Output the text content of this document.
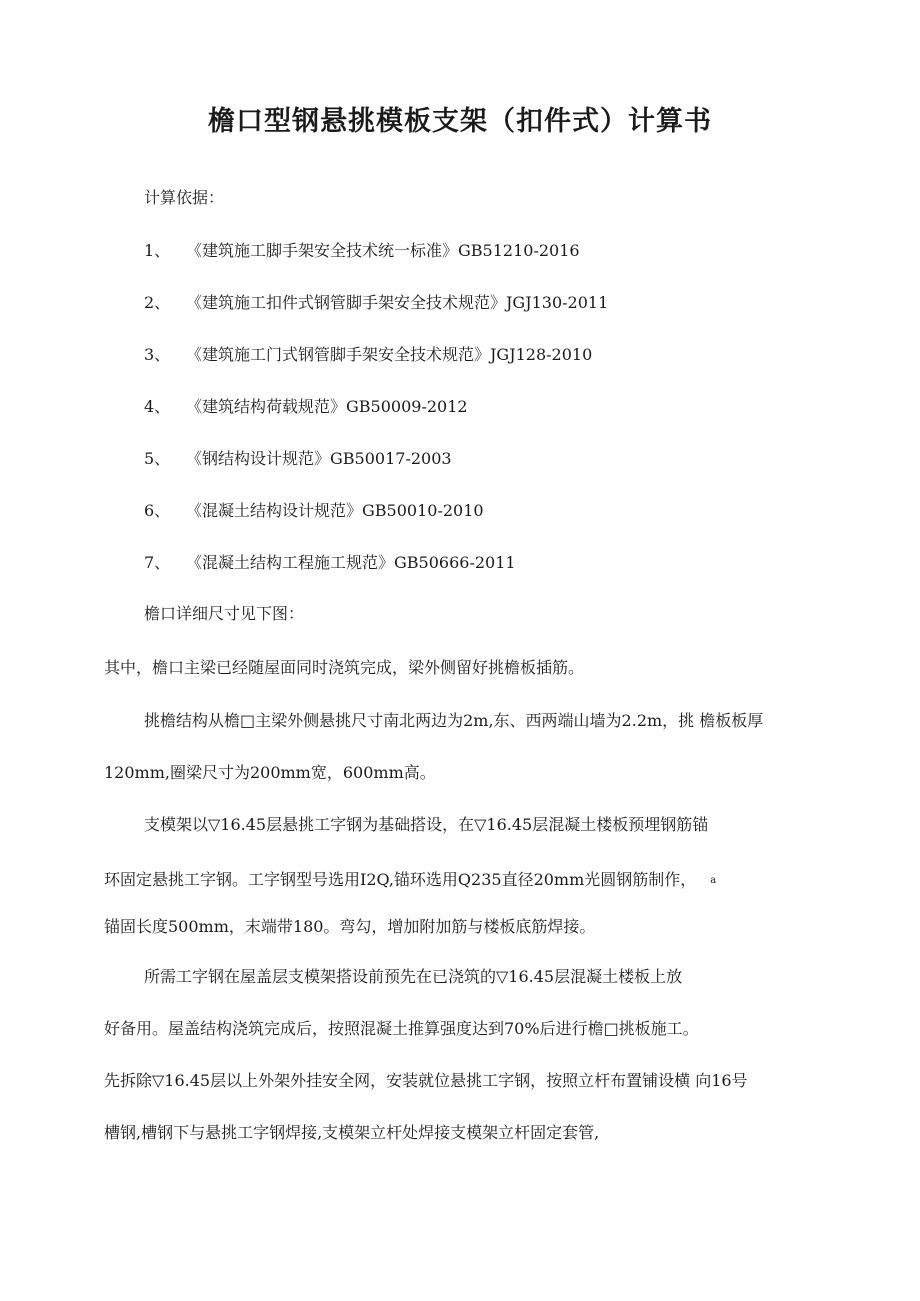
檐口型钢悬挑模板支架（扣件式）计算书
计算依据：
1、 《建筑施工脚手架安全技术统一标准》GB51210-2016
2、 《建筑施工扣件式钢管脚手架安全技术规范》JGJ130-2011
3、 《建筑施工门式钢管脚手架安全技术规范》JGJ128-2010
4、 《建筑结构荷载规范》GB50009-2012
5、 《钢结构设计规范》GB50017-2003
6、 《混凝土结构设计规范》GB50010-2010
7、 《混凝土结构工程施工规范》GB50666-2011
檐口详细尺寸见下图：
其中，檐口主梁已经随屋面同时浇筑完成，梁外侧留好挑檐板插筋。
挑檐结构从檐□主梁外侧悬挑尺寸南北两边为2m,东、西两端山墙为2.2m，挑 檐板板厚
120mm,圈梁尺寸为200mm宽，600mm高。
支模架以▽16.45层悬挑工字钢为基础搭设，在▽16.45层混凝土楼板预埋钢筋锚
环固定悬挑工字钢。工字钢型号选用I2Q,锚环选用Q235直径20mm光圆钢筋制作， a
锚固长度500mm，末端带180。弯勾，增加附加筋与楼板底筋焊接。
所需工字钢在屋盖层支模架搭设前预先在已浇筑的▽16.45层混凝土楼板上放
好备用。屋盖结构浇筑完成后，按照混凝土推算强度达到70%后进行檐□挑板施工。
先拆除▽16.45层以上外架外挂安全网，安装就位悬挑工字钢，按照立杆布置铺设横 向16号
槽钢,槽钢下与悬挑工字钢焊接,支模架立杆处焊接支模架立杆固定套管,
